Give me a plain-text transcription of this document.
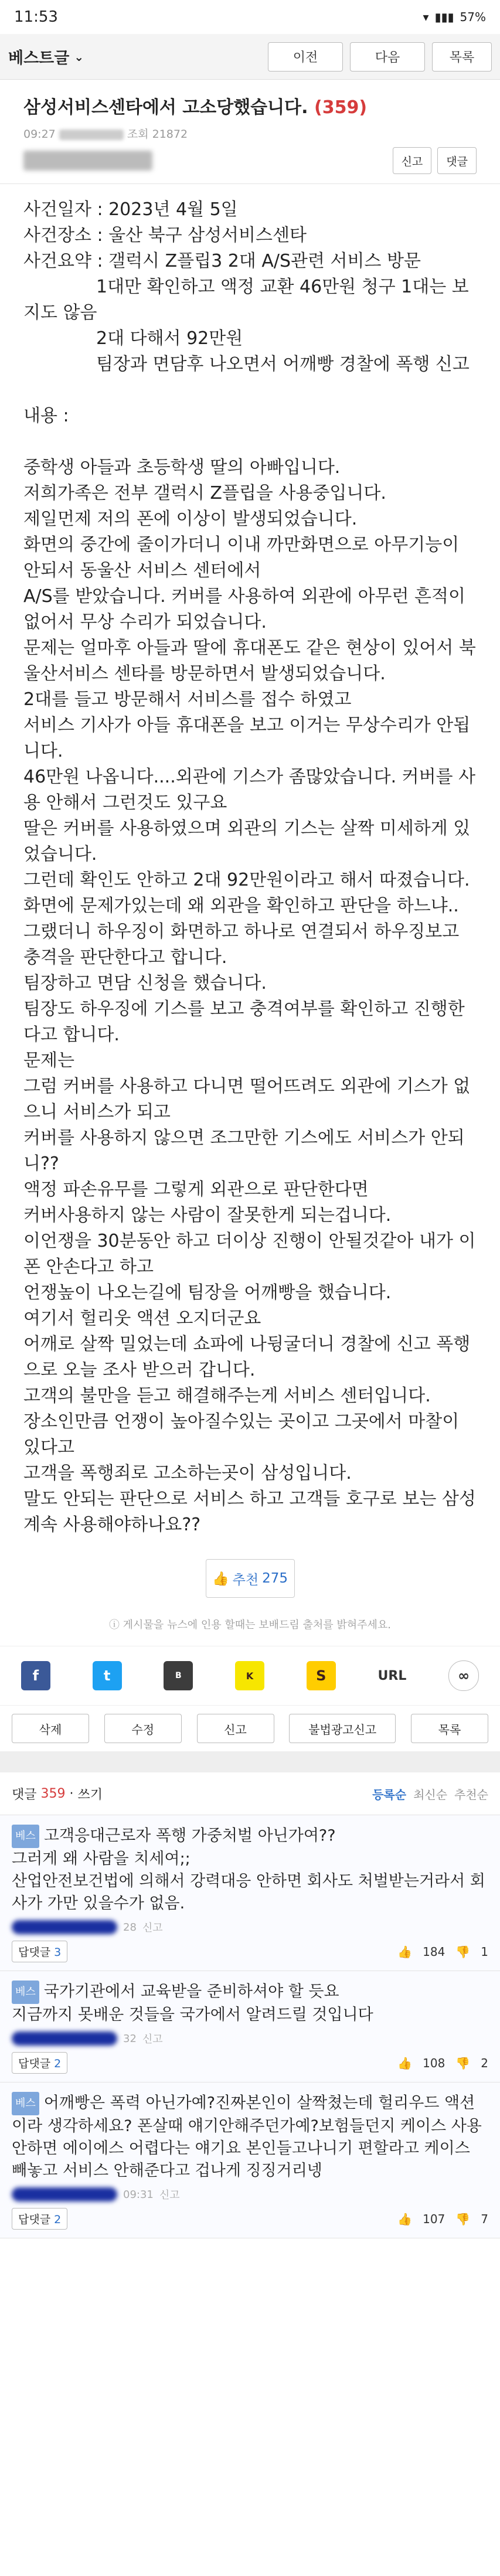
11:53	▾ ▮▮▮ 57%
베스트글 ⌄	이전	다음	목록
삼성서비스센타에서 고소당했습니다. (359)
09:27	조회 21872
신고	댓글

사건일자 : 2023년 4월 5일

사건장소 : 울산 북구 삼성서비스센타

사건요약 : 갤럭시 Z플립3 2대 A/S관련 서비스 방문

1대만 확인하고 액정 교환 46만원 청구 1대는 보지도 않음

2대 다해서 92만원

팀장과 면담후 나오면서 어깨빵 경찰에 폭행 신고

내용 :

중학생 아들과 초등학생 딸의 아빠입니다.

저희가족은 전부 갤럭시 Z플립을 사용중입니다.

제일먼제 저의 폰에 이상이 발생되었습니다.

화면의 중간에 줄이가더니 이내 까만화면으로 아무기능이 안되서 동울산 서비스 센터에서

A/S를 받았습니다. 커버를 사용하여 외관에 아무런 흔적이 없어서 무상 수리가 되었습니다.

문제는 얼마후 아들과 딸에 휴대폰도 같은 현상이 있어서 북울산서비스 센타를 방문하면서 발생되었습니다.

2대를 들고 방문해서 서비스를 접수 하였고

서비스 기사가 아들 휴대폰을 보고 이거는 무상수리가 안됩니다.

46만원 나옵니다....외관에 기스가 좀많았습니다. 커버를 사용 안해서 그런것도 있구요

딸은 커버를 사용하였으며 외관의 기스는 살짝 미세하게 있었습니다.

그런데 확인도 안하고 2대 92만원이라고 해서 따졌습니다.

화면에 문제가있는데 왜 외관을 확인하고 판단을 하느냐..

그랬더니 하우징이 화면하고 하나로 연결되서 하우징보고 충격을 판단한다고 합니다.

팀장하고 면담 신청을 했습니다.

팀장도 하우징에 기스를 보고 충격여부를 확인하고 진행한다고 합니다.

문제는

그럼 커버를 사용하고 다니면 떨어뜨려도 외관에 기스가 없으니 서비스가 되고

커버를 사용하지 않으면 조그만한 기스에도 서비스가 안되니??

액정 파손유무를 그렇게 외관으로 판단한다면

커버사용하지 않는 사람이 잘못한게 되는겁니다.

이언쟁을 30분동안 하고 더이상 진행이 안될것같아 내가 이폰 안손다고 하고

언쟁높이 나오는길에 팀장을 어깨빵을 했습니다.

여기서 헐리웃 액션 오지더군요

어깨로 살짝 밀었는데 쇼파에 나뒹굴더니 경찰에 신고 폭행으로 오늘 조사 받으러 갑니다.

고객의 불만을 듣고 해결해주는게 서비스 센터입니다.

장소인만큼 언쟁이 높아질수있는 곳이고 그곳에서 마찰이 있다고

고객을 폭행죄로 고소하는곳이 삼성입니다.

말도 안되는 판단으로 서비스 하고 고객들 호구로 보는 삼성 계속 사용해야하나요??

👍 추천 275
ⓘ 게시물을 뉴스에 인용 할때는 보배드림 출처를 밝혀주세요.
f	t	B	K	S	URL	∞
삭제	수정	신고	불법광고신고	목록
댓글
359 · 쓰기	등록순 최신순 추천순
베스 고객응대근로자 폭행 가중처벌 아닌가여??
그러게 왜 사람을 치세여;;
산업안전보건법에 의해서 강력대응 안하면 회사도 처벌받는거라서 회사가 가만 있을수가 없음.
28 신고
답댓글 3	👍 184 👎 1
베스 국가기관에서 교육받을 준비하셔야 할 듯요
지금까지 못배운 것들을 국가에서 알려드릴 것입니다
32 신고
답댓글 2	👍 108 👎 2
베스 어깨빵은 폭력 아닌가예?진짜본인이 살짝쳤는데 헐리우드 액션이라 생각하세요? 폰살때 얘기안해주던가예?보험들던지 케이스 사용안하면 에이에스 어렵다는 얘기요 본인들고나니기 편할라고 케이스 빼놓고 서비스 안해준다고 겁나게 징징거리넹
09:31 신고
답댓글 2	👍 107 👎 7
